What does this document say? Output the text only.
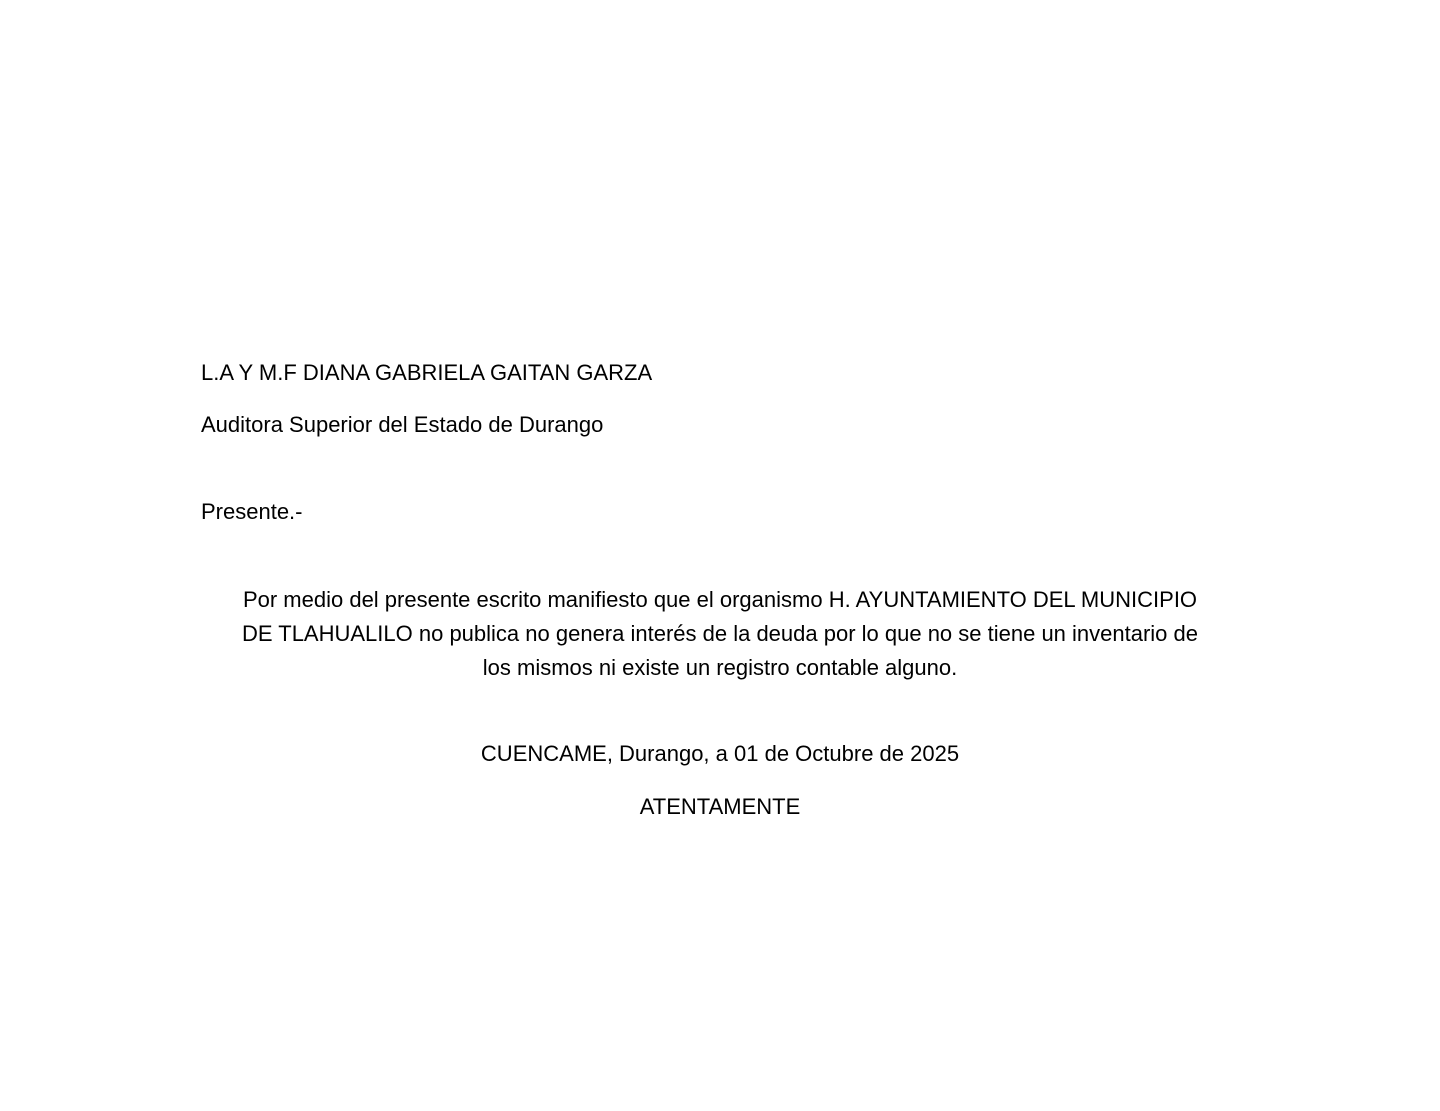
L.A Y M.F DIANA GABRIELA GAITAN GARZA

Auditora Superior del Estado de Durango

Presente.-

Por medio del presente escrito manifiesto que el organismo H. AYUNTAMIENTO DEL MUNICIPIO
DE TLAHUALILO no publica no genera interés de la deuda por lo que no se tiene un inventario de
los mismos ni existe un registro contable alguno.

CUENCAME, Durango, a 01 de Octubre de 2025

ATENTAMENTE
